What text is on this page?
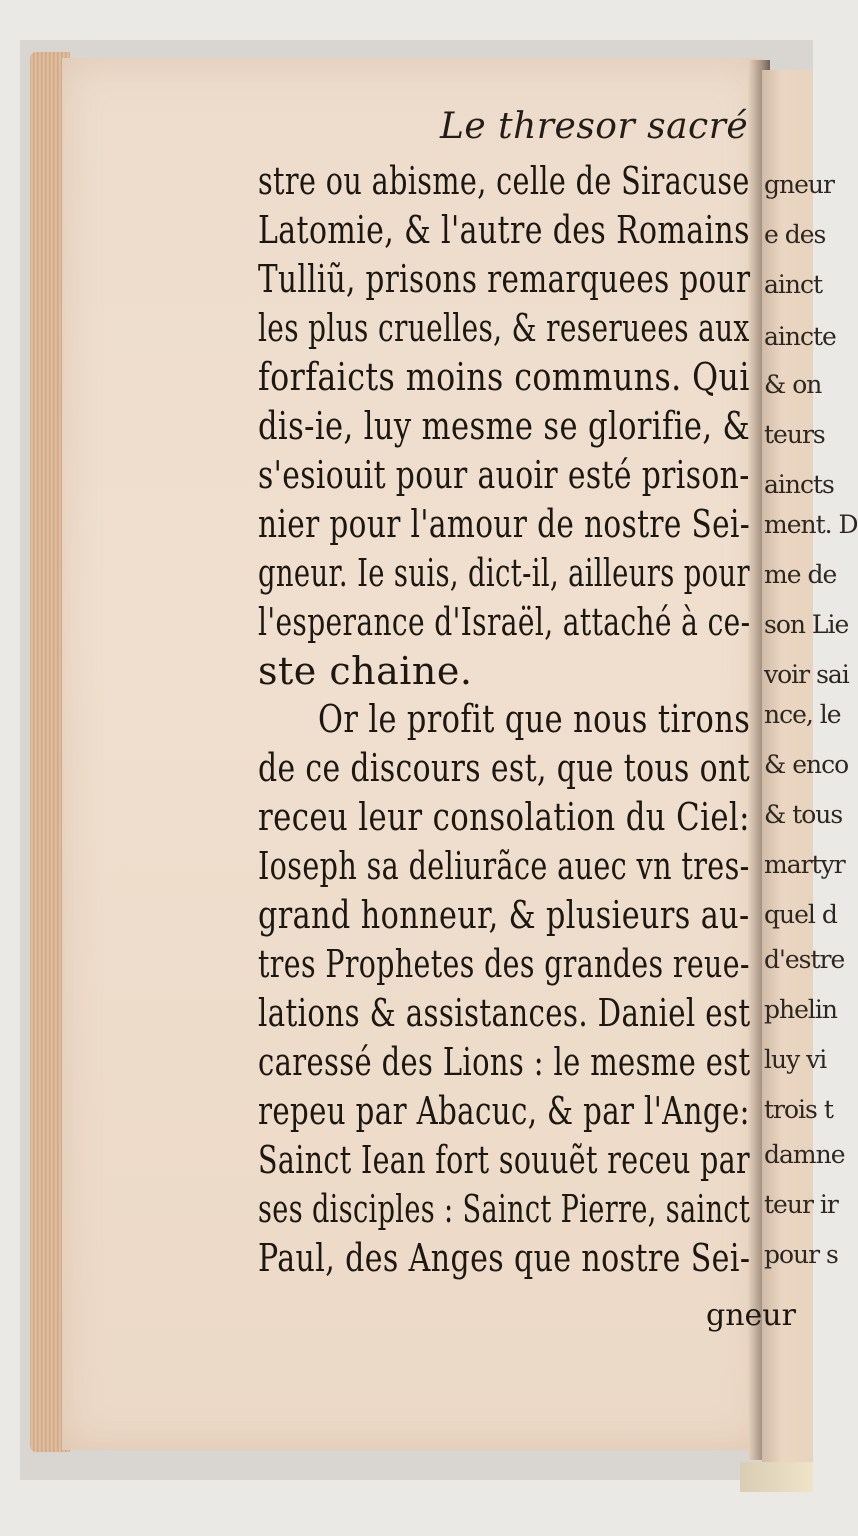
gneur
e des
ainct
aincte
& on
teurs
aincts
ment. D
me de
son Lie
voir sai
nce, le
& enco
& tous
martyr
quel d
d'estre
phelin
luy vi
trois t
damne
teur ir
pour s
Le thresor sacré
stre ou abisme, celle de Siracuse
Latomie, & l'autre des Romains
Tulliũ, prisons remarquees pour
les plus cruelles, & reseruees aux
forfaicts moins communs. Qui
dis-ie, luy mesme se glorifie, &
s'esiouit pour auoir esté prison-
nier pour l'amour de nostre Sei-
gneur. Ie suis, dict-il, ailleurs pour
l'esperance d'Israël, attaché à ce-
ste chaine.
Or le profit que nous tirons
de ce discours est, que tous ont
receu leur consolation du Ciel:
Ioseph sa deliurãce auec vn tres-
grand honneur, & plusieurs au-
tres Prophetes des grandes reue-
lations & assistances. Daniel est
caressé des Lions : le mesme est
repeu par Abacuc, & par l'Ange:
Sainct Iean fort souuẽt receu par
ses disciples : Sainct Pierre, sainct
Paul, des Anges que nostre Sei-
gneur
